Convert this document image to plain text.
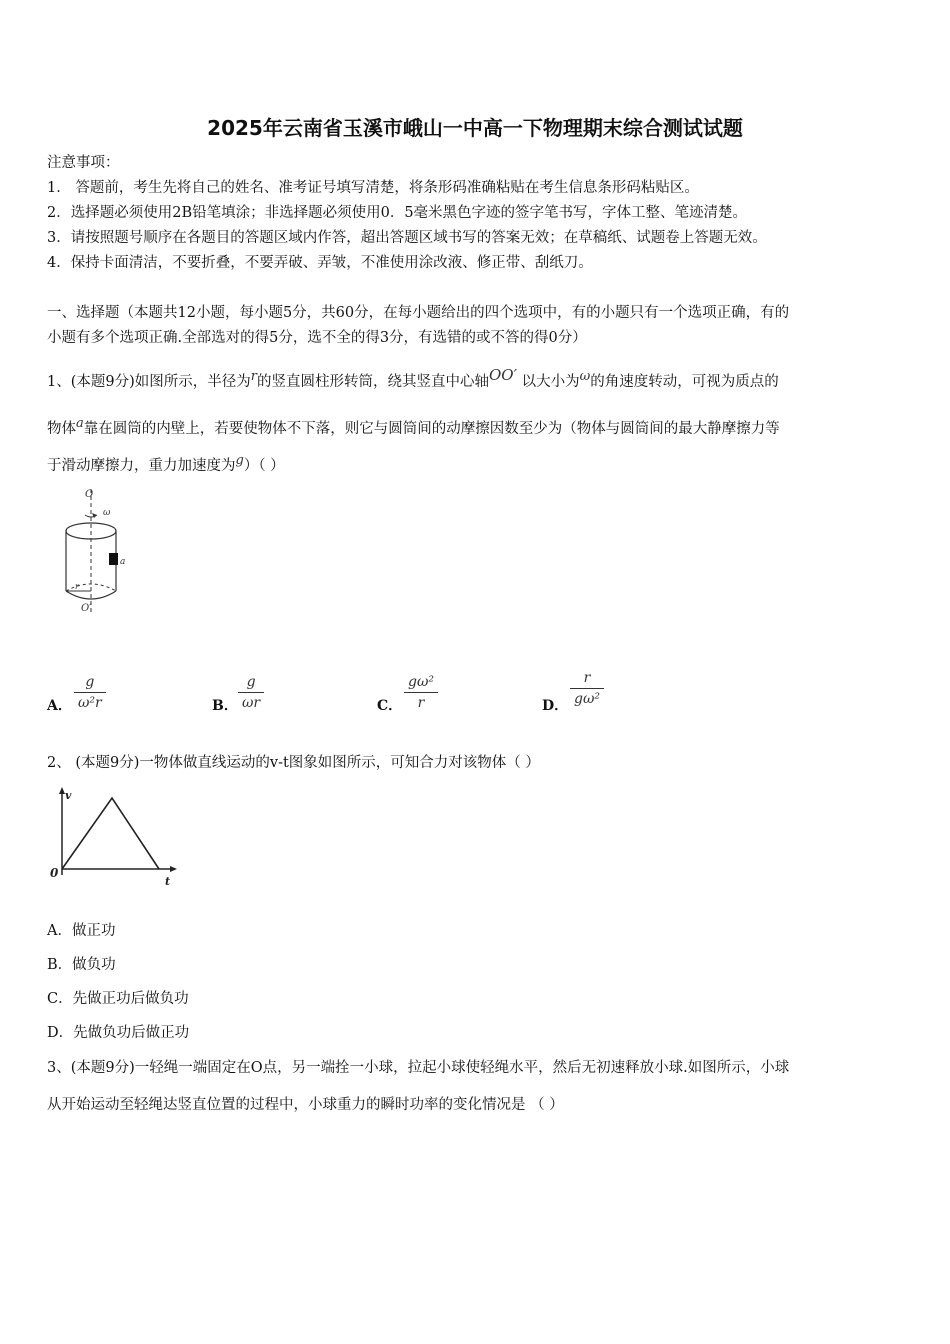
2025年云南省玉溪市峨山一中高一下物理期末综合测试试题
注意事项：
1． 答题前，考生先将自己的姓名、准考证号填写清楚，将条形码准确粘贴在考生信息条形码粘贴区。
2．选择题必须使用2B铅笔填涂；非选择题必须使用0．5毫米黑色字迹的签字笔书写，字体工整、笔迹清楚。
3．请按照题号顺序在各题目的答题区域内作答，超出答题区域书写的答案无效；在草稿纸、试题卷上答题无效。
4．保持卡面清洁，不要折叠，不要弄破、弄皱，不准使用涂改液、修正带、刮纸刀。
一、选择题（本题共12小题，每小题5分，共60分，在每小题给出的四个选项中，有的小题只有一个选项正确，有的
小题有多个选项正确.全部选对的得5分，选不全的得3分，有选错的或不答的得0分）
1、(本题9分)如图所示，半径为r的竖直圆柱形转筒，绕其竖直中心轴OO′ 以大小为ω的角速度转动，可视为质点的
物体a靠在圆筒的内壁上，若要使物体不下落，则它与圆筒间的动摩擦因数至少为（物体与圆筒间的最大静摩擦力等
于滑动摩擦力，重力加速度为g）（ ）
O
ω
a
r
O′
A．
g
ω²r	B．
g
ωr	C．
gω²
r	D．
r
gω²
2、 (本题9分)一物体做直线运动的v-t图象如图所示，可知合力对该物体（ ）
v
t
0
A．做正功
B．做负功
C．先做正功后做负功
D．先做负功后做正功
3、(本题9分)一轻绳一端固定在O点，另一端拴一小球，拉起小球使轻绳水平，然后无初速释放小球.如图所示，小球
从开始运动至轻绳达竖直位置的过程中，小球重力的瞬时功率的变化情况是 （ ）
